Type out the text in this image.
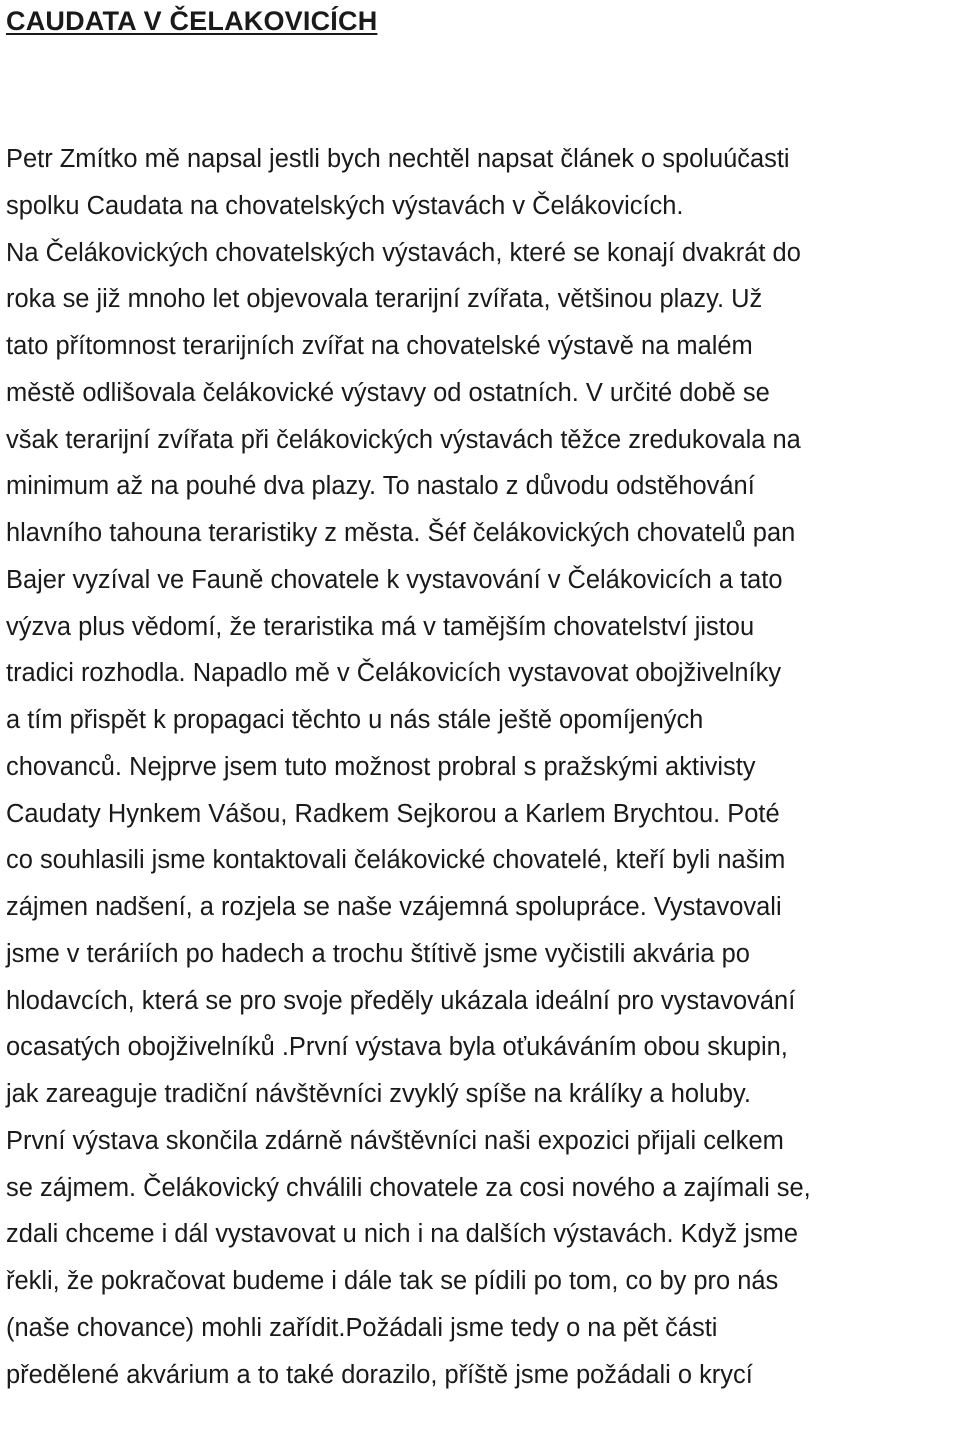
CAUDATA V ČELAKOVICÍCH
Petr Zmítko mě napsal jestli bych nechtěl napsat článek o spoluúčasti spolku Caudata na chovatelských výstavách v Čelákovicích. Na Čelákovických chovatelských výstavách, které se konají dvakrát do roka se již mnoho let objevovala terarijní zvířata, většinou plazy. Už tato přítomnost terarijních zvířat na chovatelské výstavě na malém městě odlišovala čelákovické výstavy od ostatních. V určité době se však terarijní zvířata při čelákovických výstavách těžce zredukovala na minimum až na pouhé dva plazy. To nastalo z důvodu odstěhování hlavního tahouna teraristiky z města. Šéf čelákovických chovatelů pan Bajer vyzíval ve Fauně chovatele k vystavování v Čelákovicích a tato výzva plus vědomí, že teraristika má v tamějším chovatelství jistou tradici rozhodla. Napadlo mě v Čelákovicích vystavovat obojživelníky a tím přispět k propagaci těchto u nás stále ještě opomíjených chovanců. Nejprve jsem tuto možnost probral s pražskými aktivisty Caudaty Hynkem Vášou, Radkem Sejkorou a Karlem Brychtou. Poté co souhlasili jsme kontaktovali čelákovické chovatelé, kteří byli našim zájmen nadšení, a rozjela se naše vzájemná spolupráce. Vystavovali jsme v teráriích po hadech a trochu štítivě jsme vyčistili akvária po hlodavcích, která se pro svoje předěly ukázala ideální pro vystavování ocasatých obojživelníků .První výstava byla oťukáváním obou skupin, jak zareaguje tradiční návštěvníci zvyklý spíše na králíky a holuby. První výstava skončila zdárně návštěvníci naši expozici přijali celkem se zájmem. Čelákovický chválili chovatele za cosi nového a zajímali se, zdali chceme i dál vystavovat u nich i na dalších výstavách. Když jsme řekli, že pokračovat budeme i dále tak se pídili po tom, co by pro nás (naše chovance) mohli zařídit.Požádali jsme tedy o na pět části předělené akvárium a to také dorazilo, příště jsme požádali o krycí
